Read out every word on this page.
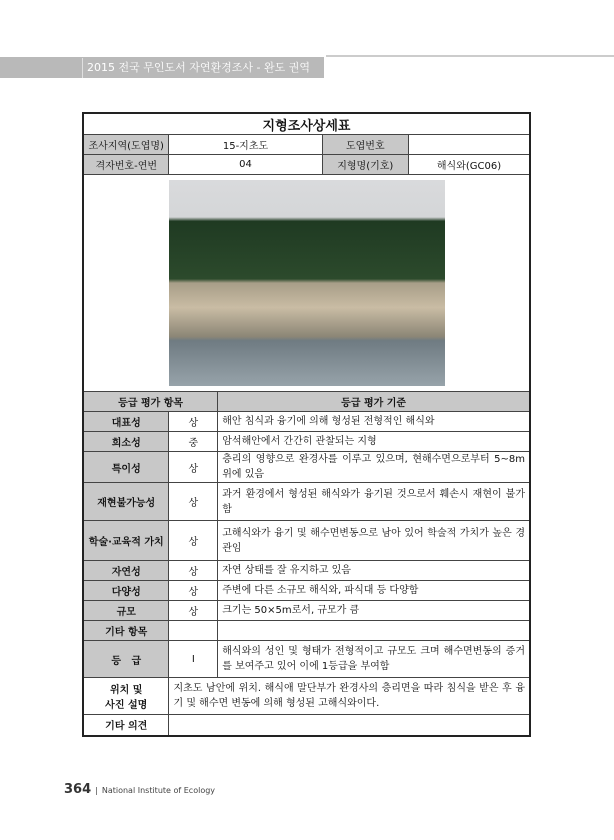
2015 전국 무인도서 자연환경조사 - 완도 권역
지형조사상세표				
조사지역(도엽명)	15-지초도		도엽번호	
격자번호-연번	04		지형명(기호)	해식와(GC06)

등급 평가 항목		등급 평가 기준		
대표성	상	해안 침식과 융기에 의해 형성된 전형적인 해식와		
희소성	중	암석해안에서 간간히 관찰되는 지형		
특이성	상	층리의 영향으로 완경사를 이루고 있으며, 현해수면으로부터 5~8m 위에 있음		
재현불가능성	상	과거 환경에서 형성된 해식와가 융기된 것으로서 훼손시 재현이 불가함		
학술·교육적 가치	상	고해식와가 융기 및 해수면변동으로 남아 있어 학술적 가치가 높은 경관임		
자연성	상	자연 상태를 잘 유지하고 있음		
다양성	상	주변에 다른 소규모 해식와, 파식대 등 다양함		
규모	상	크기는 50×5m로서, 규모가 큼		
기타 항목				
등   급	I	해식와의 성인 및 형태가 전형적이고 규모도 크며 해수면변동의 증거를 보여주고 있어 이에 1등급을 부여함		

위치 및
사진 설명	지초도 남안에 위치. 해식애 말단부가 완경사의 층리면을 따라 침식을 받은 후 융기 및 해수면 변동에 의해 형성된 고해식와이다.			
기타 의견				
364 | National Institute of Ecology
